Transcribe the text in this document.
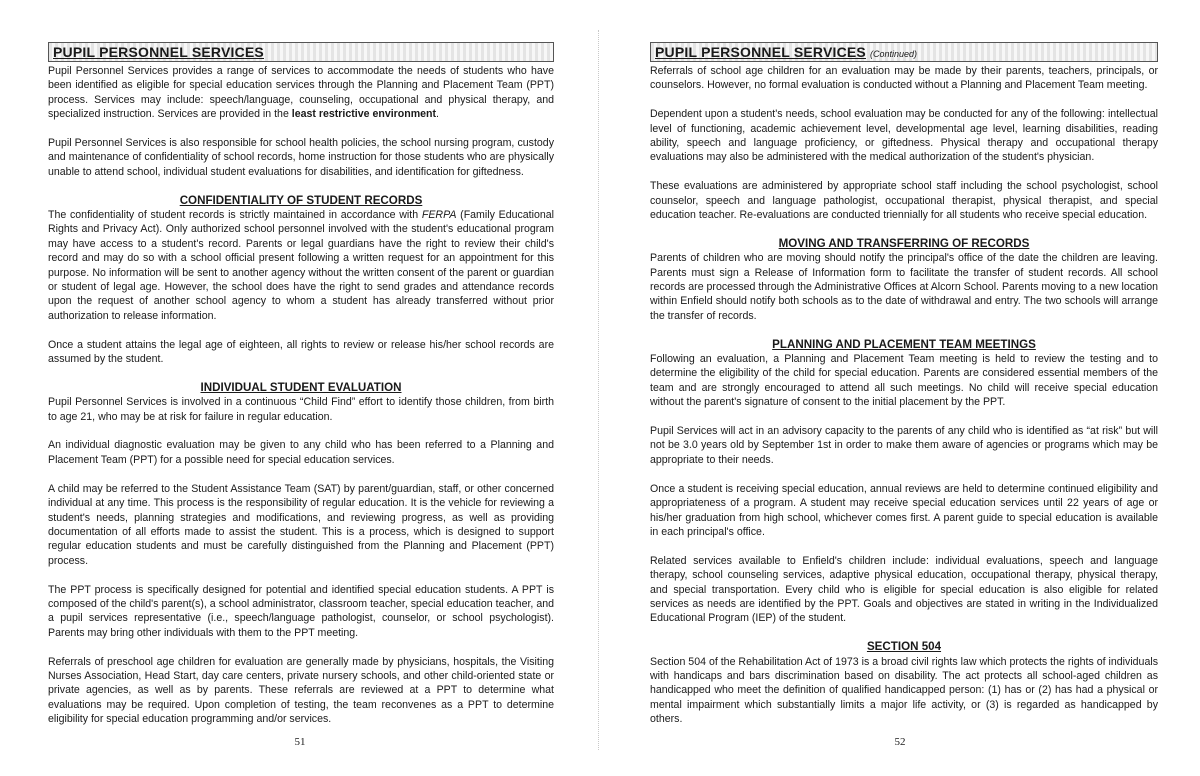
PUPIL PERSONNEL SERVICES

Pupil Personnel Services provides a range of services to accommodate the needs of students who have been identified as eligible for special education services through the Planning and Placement Team (PPT) process. Services may include: speech/language, counseling, occupational and physical therapy, and specialized instruction. Services are provided in the least restrictive environment.

Pupil Personnel Services is also responsible for school health policies, the school nursing program, custody and maintenance of confidentiality of school records, home instruction for those students who are physically unable to attend school, individual student evaluations for disabilities, and identification for giftedness.

CONFIDENTIALITY OF STUDENT RECORDS

The confidentiality of student records is strictly maintained in accordance with FERPA (Family Educational Rights and Privacy Act). Only authorized school personnel involved with the student's educational program may have access to a student's record. Parents or legal guardians have the right to review their child's record and may do so with a school official present following a written request for an appointment for this purpose. No information will be sent to another agency without the written consent of the parent or guardian or student of legal age. However, the school does have the right to send grades and attendance records upon the request of another school agency to whom a student has already transferred without prior authorization to release information.

Once a student attains the legal age of eighteen, all rights to review or release his/her school records are assumed by the student.

INDIVIDUAL STUDENT EVALUATION

Pupil Personnel Services is involved in a continuous “Child Find” effort to identify those children, from birth to age 21, who may be at risk for failure in regular education.

An individual diagnostic evaluation may be given to any child who has been referred to a Planning and Placement Team (PPT) for a possible need for special education services.

A child may be referred to the Student Assistance Team (SAT) by parent/guardian, staff, or other concerned individual at any time. This process is the responsibility of regular education. It is the vehicle for reviewing a student's needs, planning strategies and modifications, and reviewing progress, as well as providing documentation of all efforts made to assist the student. This is a process, which is designed to support regular education students and must be carefully distinguished from the Planning and Placement (PPT) process.

The PPT process is specifically designed for potential and identified special education students. A PPT is composed of the child's parent(s), a school administrator, classroom teacher, special education teacher, and a pupil services representative (i.e., speech/language pathologist, counselor, or school psychologist). Parents may bring other individuals with them to the PPT meeting.

Referrals of preschool age children for evaluation are generally made by physicians, hospitals, the Visiting Nurses Association, Head Start, day care centers, private nursery schools, and other child-oriented state or private agencies, as well as by parents. These referrals are reviewed at a PPT to determine what evaluations may be required. Upon completion of testing, the team reconvenes as a PPT to determine eligibility for special education programming and/or services.

51
PUPIL PERSONNEL SERVICES (Continued)

Referrals of school age children for an evaluation may be made by their parents, teachers, principals, or counselors. However, no formal evaluation is conducted without a Planning and Placement Team meeting.

Dependent upon a student's needs, school evaluation may be conducted for any of the following: intellectual level of functioning, academic achievement level, developmental age level, learning disabilities, reading ability, speech and language proficiency, or giftedness. Physical therapy and occupational therapy evaluations may also be administered with the medical authorization of the student's physician.

These evaluations are administered by appropriate school staff including the school psychologist, school counselor, speech and language pathologist, occupational therapist, physical therapist, and special education teacher. Re-evaluations are conducted triennially for all students who receive special education.

MOVING AND TRANSFERRING OF RECORDS

Parents of children who are moving should notify the principal's office of the date the children are leaving. Parents must sign a Release of Information form to facilitate the transfer of student records. All school records are processed through the Administrative Offices at Alcorn School. Parents moving to a new location within Enfield should notify both schools as to the date of withdrawal and entry. The two schools will arrange the transfer of records.

PLANNING AND PLACEMENT TEAM MEETINGS

Following an evaluation, a Planning and Placement Team meeting is held to review the testing and to determine the eligibility of the child for special education. Parents are considered essential members of the team and are strongly encouraged to attend all such meetings. No child will receive special education without the parent's signature of consent to the initial placement by the PPT.

Pupil Services will act in an advisory capacity to the parents of any child who is identified as “at risk” but will not be 3.0 years old by September 1st in order to make them aware of agencies or programs which may be appropriate to their needs.

Once a student is receiving special education, annual reviews are held to determine continued eligibility and appropriateness of a program. A student may receive special education services until 22 years of age or his/her graduation from high school, whichever comes first. A parent guide to special education is available in each principal's office.

Related services available to Enfield's children include: individual evaluations, speech and language therapy, school counseling services, adaptive physical education, occupational therapy, physical therapy, and special transportation. Every child who is eligible for special education is also eligible for related services as needs are identified by the PPT. Goals and objectives are stated in writing in the Individualized Educational Program (IEP) of the student.

SECTION 504

Section 504 of the Rehabilitation Act of 1973 is a broad civil rights law which protects the rights of individuals with handicaps and bars discrimination based on disability. The act protects all school-aged children as handicapped who meet the definition of qualified handicapped person: (1) has or (2) has had a physical or mental impairment which substantially limits a major life activity, or (3) is regarded as handicapped by others.

52
